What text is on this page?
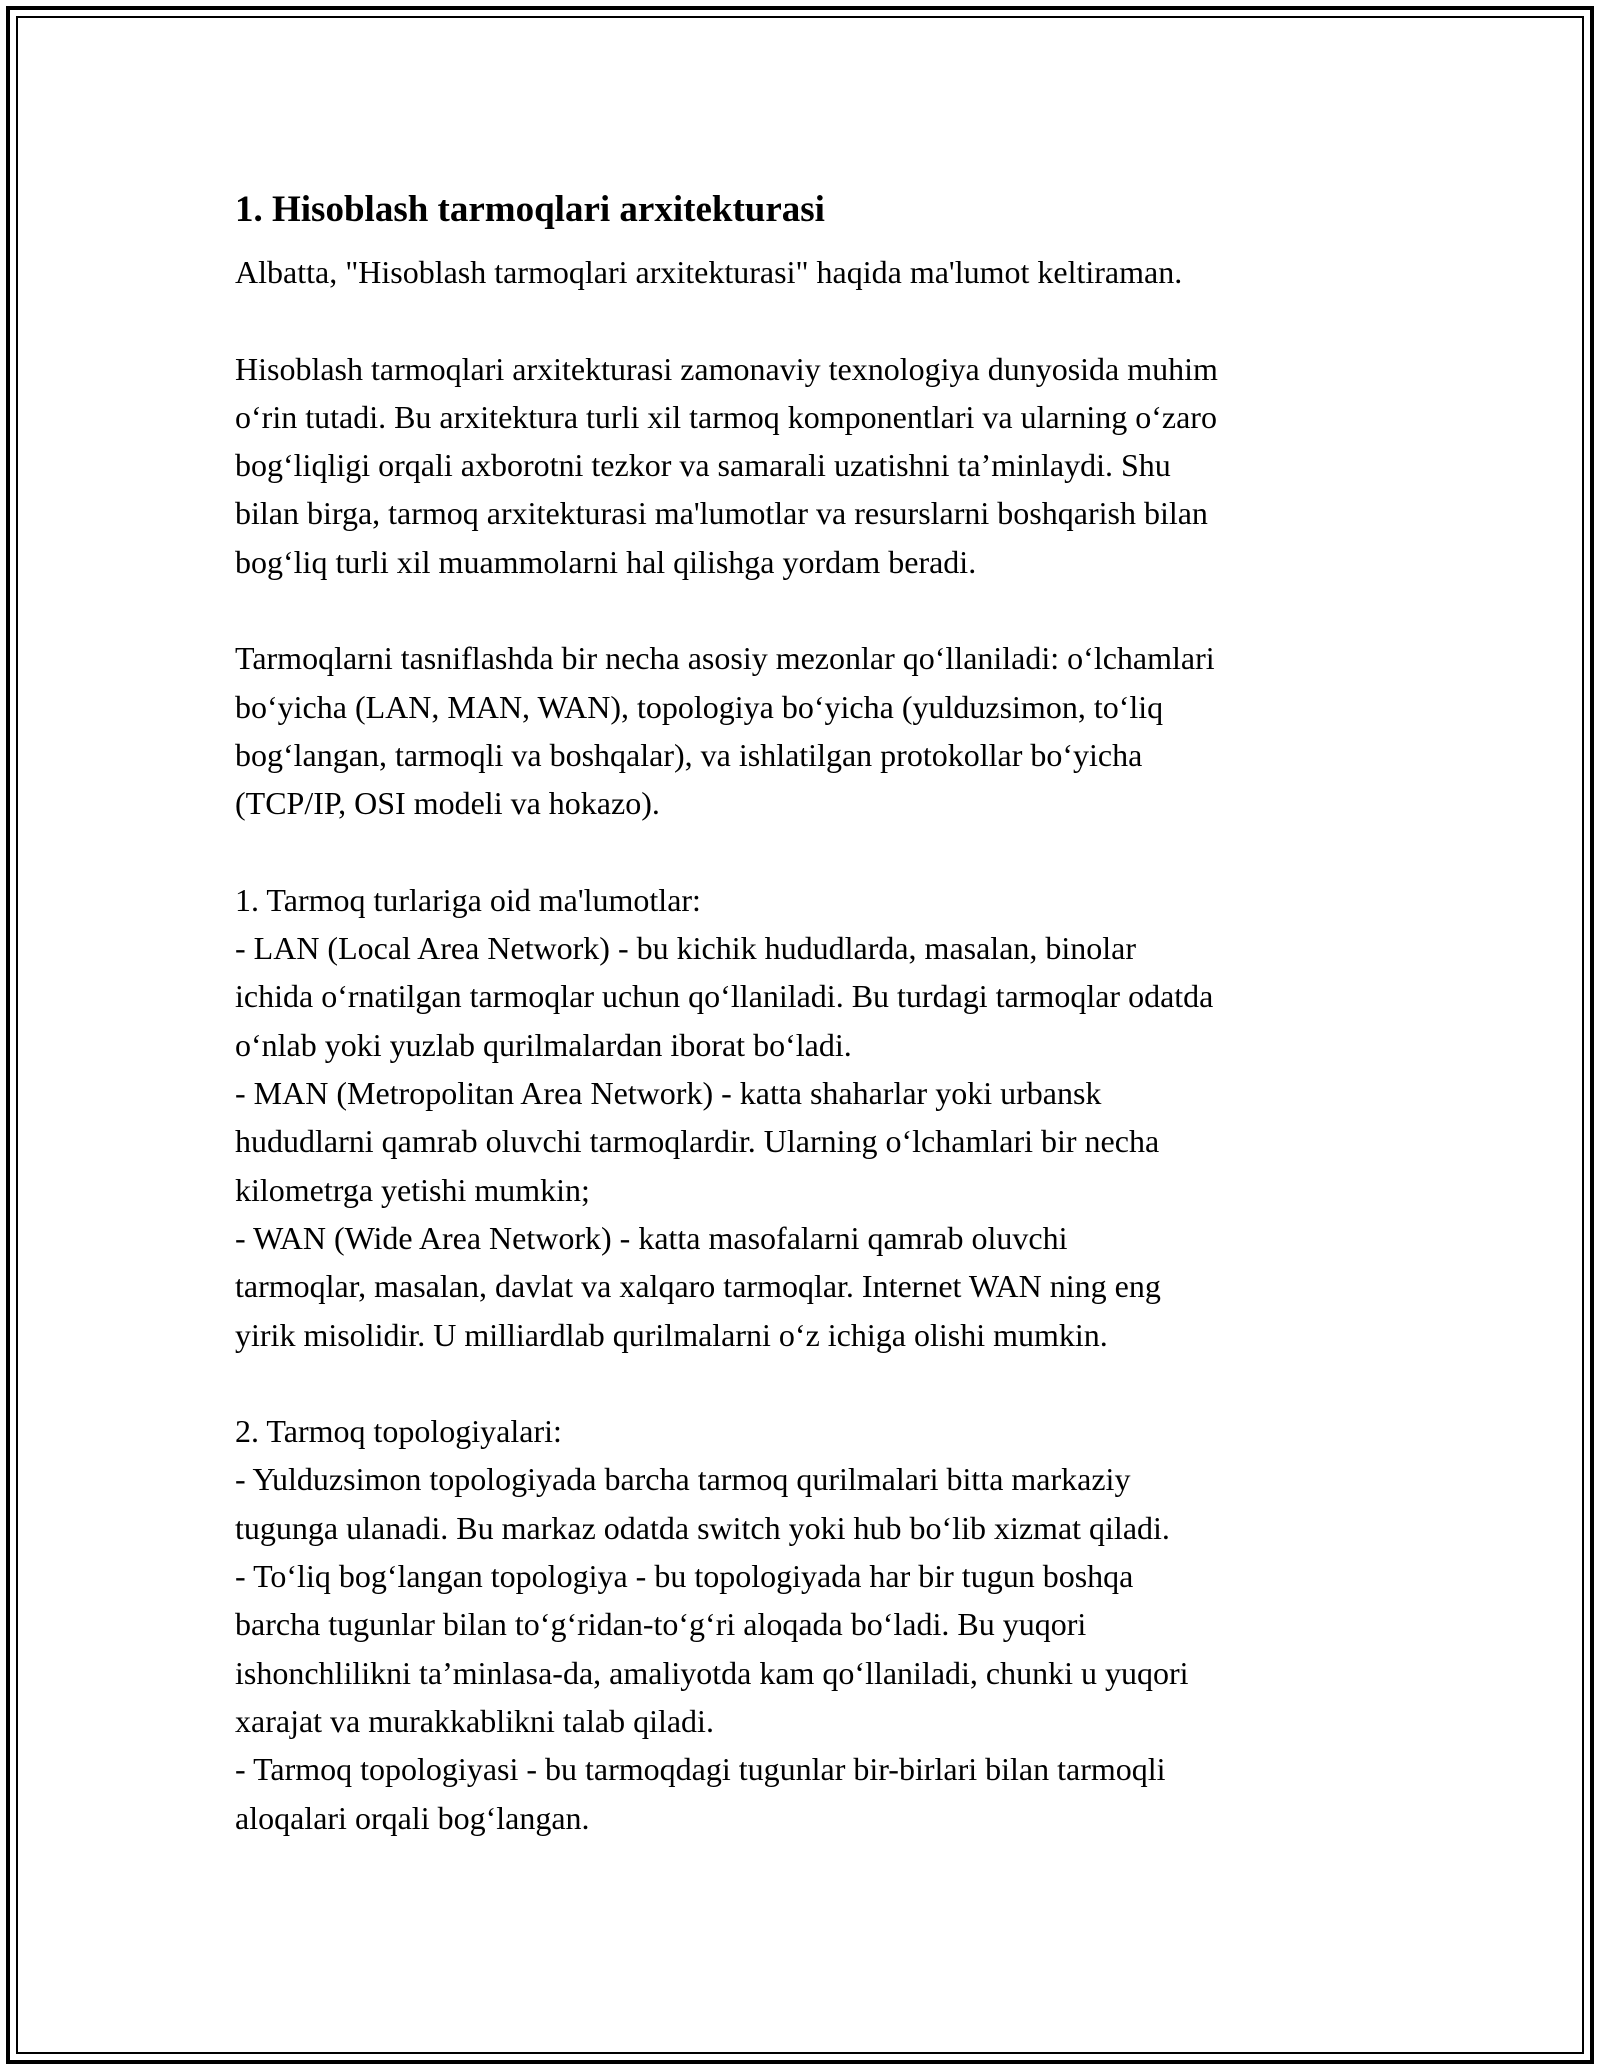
1. Hisoblash tarmoqlari arxitekturasi

Albatta, "Hisoblash tarmoqlari arxitekturasi" haqida ma'lumot keltiraman.

Hisoblash tarmoqlari arxitekturasi zamonaviy texnologiya dunyosida muhim
o‘rin tutadi. Bu arxitektura turli xil tarmoq komponentlari va ularning o‘zaro
bog‘liqligi orqali axborotni tezkor va samarali uzatishni ta’minlaydi. Shu
bilan birga, tarmoq arxitekturasi ma'lumotlar va resurslarni boshqarish bilan
bog‘liq turli xil muammolarni hal qilishga yordam beradi.

Tarmoqlarni tasniflashda bir necha asosiy mezonlar qo‘llaniladi: o‘lchamlari
bo‘yicha (LAN, MAN, WAN), topologiya bo‘yicha (yulduzsimon, to‘liq
bog‘langan, tarmoqli va boshqalar), va ishlatilgan protokollar bo‘yicha
(TCP/IP, OSI modeli va hokazo).

1. Tarmoq turlariga oid ma'lumotlar:
- LAN (Local Area Network) - bu kichik hududlarda, masalan, binolar
ichida o‘rnatilgan tarmoqlar uchun qo‘llaniladi. Bu turdagi tarmoqlar odatda
o‘nlab yoki yuzlab qurilmalardan iborat bo‘ladi.
- MAN (Metropolitan Area Network) - katta shaharlar yoki urbansk
hududlarni qamrab oluvchi tarmoqlardir. Ularning o‘lchamlari bir necha
kilometrga yetishi mumkin;
- WAN (Wide Area Network) - katta masofalarni qamrab oluvchi
tarmoqlar, masalan, davlat va xalqaro tarmoqlar. Internet WAN ning eng
yirik misolidir. U milliardlab qurilmalarni o‘z ichiga olishi mumkin.

2. Tarmoq topologiyalari:
- Yulduzsimon topologiyada barcha tarmoq qurilmalari bitta markaziy
tugunga ulanadi. Bu markaz odatda switch yoki hub bo‘lib xizmat qiladi.
- To‘liq bog‘langan topologiya - bu topologiyada har bir tugun boshqa
barcha tugunlar bilan to‘g‘ridan-to‘g‘ri aloqada bo‘ladi. Bu yuqori
ishonchlilikni ta’minlasa-da, amaliyotda kam qo‘llaniladi, chunki u yuqori
xarajat va murakkablikni talab qiladi.
- Tarmoq topologiyasi - bu tarmoqdagi tugunlar bir-birlari bilan tarmoqli
aloqalari orqali bog‘langan.
